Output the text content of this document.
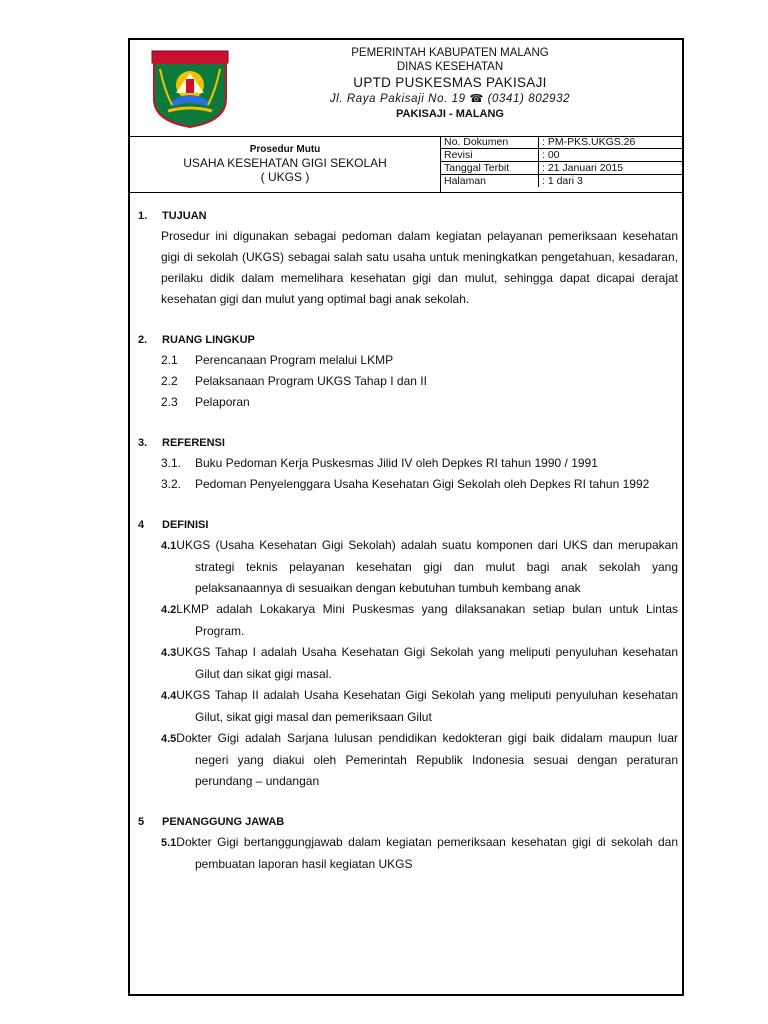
PEMERINTAH KABUPATEN MALANG
DINAS KESEHATAN
UPTD PUSKESMAS PAKISAJI
Jl. Raya Pakisaji No. 19 ☎ (0341) 802932
PAKISAJI - MALANG
Prosedur Mutu
USAHA KESEHATAN GIGI SEKOLAH
( UKGS )
No. Dokumen	: PM-PKS.UKGS.26
Revisi	: 00
Tanggal Terbit	: 21 Januari 2015
Halaman	: 1 dari 3
1. TUJUAN
Prosedur ini digunakan sebagai pedoman dalam kegiatan pelayanan pemeriksaan kesehatan gigi di sekolah (UKGS) sebagai salah satu usaha untuk meningkatkan pengetahuan, kesadaran, perilaku didik dalam memelihara kesehatan gigi dan mulut, sehingga dapat dicapai derajat kesehatan gigi dan mulut yang optimal bagi anak sekolah.
2. RUANG LINGKUP
2.1 Perencanaan Program melalui LKMP
2.2 Pelaksanaan Program UKGS Tahap I dan II
2.3 Pelaporan
3. REFERENSI
3.1. Buku Pedoman Kerja Puskesmas Jilid IV oleh Depkes RI tahun 1990 / 1991
3.2. Pedoman Penyelenggara Usaha Kesehatan Gigi Sekolah oleh Depkes RI tahun 1992
4 DEFINISI
4.1UKGS (Usaha Kesehatan Gigi Sekolah) adalah suatu komponen dari UKS dan merupakan strategi teknis pelayanan kesehatan gigi dan mulut bagi anak sekolah yang pelaksanaannya di sesuaikan dengan kebutuhan tumbuh kembang anak
4.2LKMP adalah Lokakarya Mini Puskesmas yang dilaksanakan setiap bulan untuk Lintas Program.
4.3UKGS Tahap I adalah Usaha Kesehatan Gigi Sekolah yang meliputi penyuluhan kesehatan Gilut dan sikat gigi masal.
4.4UKGS Tahap II adalah Usaha Kesehatan Gigi Sekolah yang meliputi penyuluhan kesehatan Gilut, sikat gigi masal dan pemeriksaan Gilut
4.5Dokter Gigi adalah Sarjana lulusan pendidikan kedokteran gigi baik didalam maupun luar negeri yang diakui oleh Pemerintah Republik Indonesia sesuai dengan peraturan perundang – undangan
5 PENANGGUNG JAWAB
5.1Dokter Gigi bertanggungjawab dalam kegiatan pemeriksaan kesehatan gigi di sekolah dan pembuatan laporan hasil kegiatan UKGS
